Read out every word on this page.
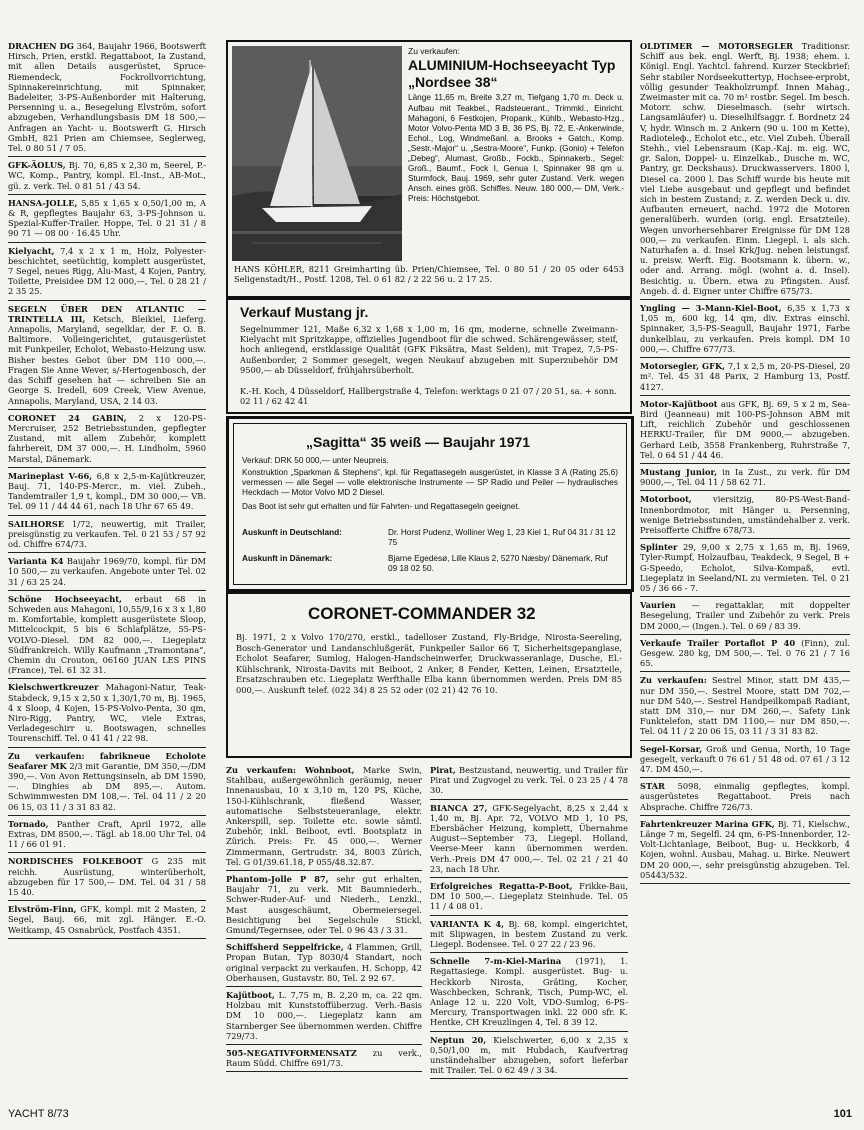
DRACHEN DG 364, Baujahr 1966, Bootswerft Hirsch, Prien, erstkl. Regattaboot, Ia Zustand, mit allen Details ausgerüstet, Spruce-Riemendeck, Fockrollvorrichtung, Spinnakereinrichtung, mit Spinnaker, Badeleiter, 3-PS-Außenborder mit Halterung, Persenning u. a., Besegelung Elvström, sofort abzugeben, Verhandlungsbasis DM 18 500,— Anfragen an Yacht- u. Bootswerft G. Hirsch GmbH, 821 Prien am Chiemsee, Seglerweg, Tel. 0 80 51 / 7 05.
GFK-ÄOLUS, Bj. 70, 6,85 x 2,30 m, Seerel, P.-WC, Komp., Pantry, kompl. El.-Inst., AB-Mot., gü. z. verk. Tel. 0 81 51 / 43 54.
HANSA-JOLLE, 5,85 x 1,65 x 0,50/1,00 m, A & R, gepflegtes Baujahr 63, 3-PS-Johnson u. Spezial-Kuffer-Trailer. Hoppe, Tel. 0 21 31 / 8 90 71 — 08 00 · 16.45 Uhr.
Kielyacht, 7,4 x 2 x 1 m, Holz, Polyester-beschichtet, seetüchtig, komplett ausgerüstet, 7 Segel, neues Rigg, Alu-Mast, 4 Kojen, Pantry, Toilette, Preisidee DM 12 000,—, Tel. 0 28 21 / 2 35 25.
SEGELN ÜBER DEN ATLANTIC — TRINTELLA III, Ketsch, Bleikiel, Lieferg. Annapolis, Maryland, segelklar, der F. O. B. Baltimore. Volleingerichtet, gutausgerüstet mit Funkpeiler, Echolot, Webasto-Heizung usw. Bisher bestes Gebot über DM 110 000,—. Fragen Sie Anne Wever, s/-Hertogenbosch, der das Schiff gesehen hat — schreiben Sie an George S. Iredell, 609 Creek, View Avenue, Annapolis, Maryland, USA, 2 14 03.
CORONET 24 GABIN, 2 x 120-PS-Mercruiser, 252 Betriebsstunden, gepflegter Zustand, mit allem Zubehör, komplett fahrbereit, DM 37 000,—. H. Lindholm, 5960 Marstal, Dänemark.
Marineplast V-66, 6,8 x 2,5-m-Kajütkreuzer, Bauj. 71, 140-PS-Mercr., m. viel. Zubeh., Tandemtrailer 1,9 t, kompl., DM 30 000,— VB. Tel. 09 11 / 44 44 61, nach 18 Uhr 67 65 49.
SAILHORSE 1/72, neuwertig, mit Trailer, preisgünstig zu verkaufen. Tel. 0 21 53 / 57 92 od. Chiffre 674/73.
Varianta K4 Baujahr 1969/70, kompl. für DM 10 500,— zu verkaufen. Angebote unter Tel. 02 31 / 63 25 24.
Schöne Hochseeyacht, erbaut 68 in Schweden aus Mahagoni, 10,55/9,16 x 3 x 1,80 m. Komfortable, komplett ausgerüstete Sloop, Mittelcockpit, 5 bis 6 Schlafplätze, 55-PS-VOLVO-Diesel. DM 82 000,—. Liegeplatz Südfrankreich. Willy Kaufmann „Tramontana“, Chemin du Crouton, 06160 JUAN LES PINS (France), Tel. 61 32 31.
Kielschwertkreuzer Mahagoni-Natur, Teak-Stabdeck, 9,15 x 2,50 x 1,30/1,70 m, Bj. 1965, 4 x Sloop, 4 Kojen, 15-PS-Volvo-Penta, 30 qm, Niro-Rigg, Pantry, WC, viele Extras, Verladegeschirr u. Bootswagen, schnelles Tourenschiff. Tel. 0 41 41 / 22 98.
Zu verkaufen: fabrikneue Echolote Seafarer MK 2/3 mit Garantie, DM 350,—/DM 390,—. Von Avon Rettungsinseln, ab DM 1590,—. Dinghies ab DM 895,—. Autom. Schwimmwesten DM 108,—. Tel. 04 11 / 2 20 06 15, 03 11 / 3 31 83 82.
Tornado, Panther Craft, April 1972, alle Extras, DM 8500,—. Tägl. ab 18.00 Uhr Tel. 04 11 / 66 01 91.
NORDISCHES FOLKEBOOT G 235 mit reichh. Ausrüstung, winterüberholt, abzugeben für 17 500,— DM. Tel. 04 31 / 58 15 40.
Elvström-Finn, GFK, kompl. mit 2 Masten, 2 Segel, Bauj. 66, mit zgl. Hänger. E.-O. Weitkamp, 45 Osnabrück, Postfach 4351.
Zu verkaufen:
ALUMINIUM-Hochseeyacht Typ „Nordsee 38“
Länge 11,65 m, Breite 3,27 m, Tiefgang 1,70 m. Deck u. Aufbau mit Teakbel., Radsteuerant., Trimmkl., Einricht. Mahagoni, 6 Festkojen, Propank., Kühlb., Webasto-Hzg., Motor Volvo-Penta MD 3 B, 36 PS, Bj. 72, E.-Ankerwinde, Echol., Log, Windmeßanl. a. Brooks + Gatch., Komp. „Sestr.-Major“ u. „Sestra-Moore“, Funkp. (Gonio) + Telefon „Debeg“, Alumast, Großb., Fockb., Spinnakerb., Segel: Groß., Baumf., Fock I, Genua I, Spinnaker 98 qm u. Sturmfock, Bauj. 1969, sehr guter Zustand. Verk. wegen Ansch. eines größ. Schiffes. Neuw. 180 000,— DM, Verk.-Preis: Höchstgebot.
HANS KÖHLER, 8211 Greimharting üb. Prien/Chiemsee, Tel. 0 80 51 / 20 05 oder 6453 Seligenstadt/H., Postf. 1208, Tel. 0 61 82 / 2 22 56 u. 2 17 25.
Verkauf Mustang jr.
Segelnummer 121, Maße 6,32 x 1,68 x 1,00 m, 16 qm, moderne, schnelle Zweimann-Kielyacht mit Spritzkappe, offizielles Jugendboot für die schwed. Schärengewässer, steif, hoch anliegend, erstklassige Qualität (GFK Fiksätra, Mast Selden), mit Trapez, 7,5-PS-Außenborder, 2 Sommer gesegelt, wegen Neukauf abzugeben mit Superzubehör DM 9500,— ab Düsseldorf, frühjahrsüberholt.
K.-H. Koch, 4 Düsseldorf, Hallbergstraße 4, Telefon: werktags 0 21 07 / 20 51, sa. + sonn. 02 11 / 62 42 41
„Sagitta“ 35 weiß — Baujahr 1971
Verkauf: DRK 50 000,— unter Neupreis.
Konstruktion „Sparkman & Stephens“, kpl. für Regattasegeln ausgerüstet, in Klasse 3 A (Rating 25,6) vermessen — alle Segel — volle elektronische Instrumente — SP Radio und Peiler — hydraulisches Heckdach — Motor Volvo MD 2 Diesel.
Das Boot ist sehr gut erhalten und für Fahrten- und Regattasegeln geeignet.
Auskunft in Deutschland:	Dr. Horst Pudenz, Wolliner Weg 1, 23 Kiel 1, Ruf 04 31 / 31 12 75
Auskunft in Dänemark:	Bjarne Egedesø, Lille Klaus 2, 5270 Næsby/ Dänemark, Ruf 09 18 02 50.
CORONET-COMMANDER 32
Bj. 1971, 2 x Volvo 170/270, erstkl., tadelloser Zustand, Fly-Bridge, Nirosta-Seereling, Bosch-Generator und Landanschlußgerät, Funkpeiler Sailor 66 T, Sicherheitsgepanglase, Echolot Seafarer, Sumlog, Halogen-Handscheinwerfer, Druckwasseranlage, Dusche, El.-Kühlschrank, Nirosta-Davits mit Beiboot, 2 Anker, 8 Fender, Ketten, Leinen, Ersatzteile, Ersatzschrauben etc. Liegeplatz Werfthalle Elba kann übernommen werden. Preis DM 85 000,—. Auskunft telef. (022 34) 8 25 52 oder (02 21) 42 76 10.
Zu verkaufen: Wohnboot, Marke Swin, Stahlbau, außergewöhnlich geräumig, neuer Innenausbau, 10 x 3,10 m, 120 PS, Küche, 150-l-Kühlschrank, fließend Wasser, automatische Selbststeueranlage, elektr. Ankerspill, sep. Toilette etc. sowie sämtl. Zubehör, inkl. Beiboot, evtl. Bootsplatz in Zürich. Preis: Fr. 45 000,—. Werner Zimmermann, Gertrudstr. 34, 8003 Zürich, Tel. G 01/39.61.18, P 055/48.32.87.
Phantom-Jolle P 87, sehr gut erhalten, Baujahr 71, zu verk. Mit Baumniederh., Schwer-Ruder-Auf- und Niederh., Lenzkl., Mast ausgeschäumt, Obermeiersegel. Besichtigung bei Segelschule Stickl, Gmund/Tegernsee, oder Tel. 0 96 43 / 3 31.
Schiffsherd Seppelfricke, 4 Flammen, Grill, Propan Butan, Typ 8030/4 Standart, noch original verpackt zu verkaufen. H. Schopp, 42 Oberhausen, Gustavstr. 80, Tel. 2 92 67.
Kajütboot, L. 7,75 m, B. 2,20 m, ca. 22 qm. Holzbau mit Kunststoffüberzug. Verh.-Basis DM 10 000,—. Liegeplatz kann am Starnberger See übernommen werden. Chiffre 729/73.
505-NEGATIVFORMENSATZ zu verk., Raum Südd. Chiffre 691/73.
Pirat, Bestzustand, neuwertig, und Trailer für Pirat und Zugvogel zu verk. Tel. 0 23 25 / 4 78 30.
BIANCA 27, GFK-Segelyacht, 8,25 x 2,44 x 1,40 m, Bj. Apr. 72, VOLVO MD 1, 10 PS, Ebersbächer Heizung, komplett, Übernahme August—September 73, Liegepl. Holland, Veerse-Meer kann übernommen werden. Verh.-Preis DM 47 000,—. Tel. 02 21 / 21 40 23, nach 18 Uhr.
Erfolgreiches Regatta-P-Boot, Frikke-Bau, DM 10 500,—. Liegeplatz Steinhude. Tel. 05 11 / 4 08 01.
VARIANTA K 4, Bj. 68, kompl. eingerichtet, mit Slipwagen, in bestem Zustand zu verk. Liegepl. Bodensee. Tel. 0 27 22 / 23 96.
Schnelle 7-m-Kiel-Marina (1971), 1. Regattasiege. Kompl. ausgerüstet. Bug- u. Heckkorb Nirosta, Gräting, Kocher, Waschbecken, Schrank, Tisch, Pump-WC, el. Anlage 12 u. 220 Volt, VDO-Sumlog, 6-PS-Mercury, Transportwagen inkl. 22 000 sfr. K. Hentke, CH Kreuzlingen 4, Tel. 8 39 12.
Neptun 20, Kielschwerter, 6,00 x 2,35 x 0,50/1,00 m, mit Hubdach, Kaufvertrag unständehalber abzugeben, sofort lieferbar mit Trailer. Tel. 0 62 49 / 3 34.
OLDTIMER — MOTORSEGLER Traditionsr. Schiff aus bek. engl. Werft, Bj. 1938; ehem. i. Königl. Engl. Yachtcl. fahrend. Kurzer Steckbrief: Sehr stabiler Nordseekuttertyp, Hochsee-erprobt, völlig gesunder Teakholzrumpf. Innen Mahag., Zweimaster mit ca. 70 m² rostbr. Segel. Im besch. Motorr. schw. Dieselmasch. (sehr wirtsch. Langsamläufer) u. Dieselhilfsaggr. f. Bordnetz 24 V, hydr. Winsch m. 2 Ankern (90 u. 100 m Kette), Radioteleф., Echolot etc., etc. Viel Zubeh. Überall Stehh., viel Lebensraum (Kap.-Kaj. m. eig. WC, gr. Salon, Doppel- u. Einzelkab., Dusche m. WC, Pantry, gr. Deckshaus). Druckwasservers. 1800 l, Diesel ca. 2000 l. Das Schiff wurde bis heute mit viel Liebe ausgebaut und gepflegt und befindet sich in bestem Zustand; z. Z. werden Deck u. div. Aufbauten erneuert, nachd. 1972 die Motoren generalüberh. wurden (orig. engl. Ersatzteile). Wegen unvorhersehbarer Ereignisse für DM 128 000,— zu verkaufen. Einm. Liegepl. i. als sich. Naturhafen a. d. Insel Krk/Jug. neben leistungsf. u. preisw. Werft. Eig. Bootsmann k. übern. w., oder and. Arrang. mögl. (wohnt a. d. Insel). Besichtig. u. Übern. etwa zu Pfingsten. Ausf. Angeb. d. d. Eigner unter Chiffre 675/73.
Yngling — 3-Mann-Kiel-Boot, 6,35 x 1,73 x 1,05 m, 600 kg, 14 qm, div. Extras einschl. Spinnaker, 3,5-PS-Seagull, Baujahr 1971, Farbe dunkelblau, zu verkaufen. Preis kompl. DM 10 000,—. Chiffre 677/73.
Motorsegler, GFK, 7,1 x 2,5 m, 20-PS-Diesel, 20 m². Tel. 45 31 48 Parix, 2 Hamburg 13, Postf. 4127.
Motor-Kajütboot aus GFK, Bj. 69, 5 x 2 m, Sea-Bird (Jeanneau) mit 100-PS-Johnson ABM mit Lift, reichlich Zubehör und geschlossenen HERKU-Trailer, für DM 9000,— abzugeben. Gerhard Leib, 3558 Frankenberg, Ruhrstraße 7, Tel. 0 64 51 / 44 46.
Mustang Junior, in Ia Zust., zu verk. für DM 9000,—, Tel. 04 11 / 58 62 71.
Motorboot,	viersitzig, 80-PS-West-Band-Innenbordmotor, mit Hänger u. Persenning, wenige Betriebsstunden, umständehalber z. verk. Preisofferte Chiffre 678/73.
Splinter 29, 9,00 x 2,75 x 1,65 m, Bj. 1969, Tyler-Rumpf, Holzaufbau, Teakdeck, 9 Segel, B + G-Speedo, Echolot, Silva-Kompaß, evtl. Liegeplatz in Seeland/NL zu vermieten. Tel. 0 21 05 / 36 66 - 7.
Vaurien — regattaklar, mit doppelter Besegelung, Trailer und Zubehör zu verk. Preis DM 2000,— (Ingen.). Tel. 0 69 / 83 39.
Verkaufe Trailer Portaflot P 40 (Finn), zul. Gesgew. 280 kg, DM 500,—. Tel. 0 76 21 / 7 16 65.
Zu verkaufen: Sestrel Minor, statt DM 435,— nur DM 350,—. Sestrel Moore, statt DM 702,— nur DM 540,—. Sestrel Handpeilkompaß Radiant, statt DM 310,— nur DM 260,—. Safety Link Funktelefon, statt DM 1100,— nur DM 850,—. Tel. 04 11 / 2 20 06 15, 03 11 / 3 31 83 82.
Segel-Korsar, Groß und Genua, North, 10 Tage gesegelt, verkauft 0 76 61 / 51 48 od. 07 61 / 3 12 47. DM 450,—.
STAR 5098, einmalig gepflegtes, kompl. ausgerüstetes Regattaboot. Preis nach Absprache. Chiffre 726/73.
Fahrtenkreuzer Marina GFK, Bj. 71, Kielschw., Länge 7 m, Segelfl. 24 qm, 6-PS-Innenborder, 12-Volt-Lichtanlage, Beiboot, Bug- u. Heckkorb, 4 Kojen, wohnl. Ausbau, Mahag. u. Birke. Neuwert DM 20 000,—, sehr preisgünstig abzugeben. Tel. 05443/532.
YACHT 8/73	101
